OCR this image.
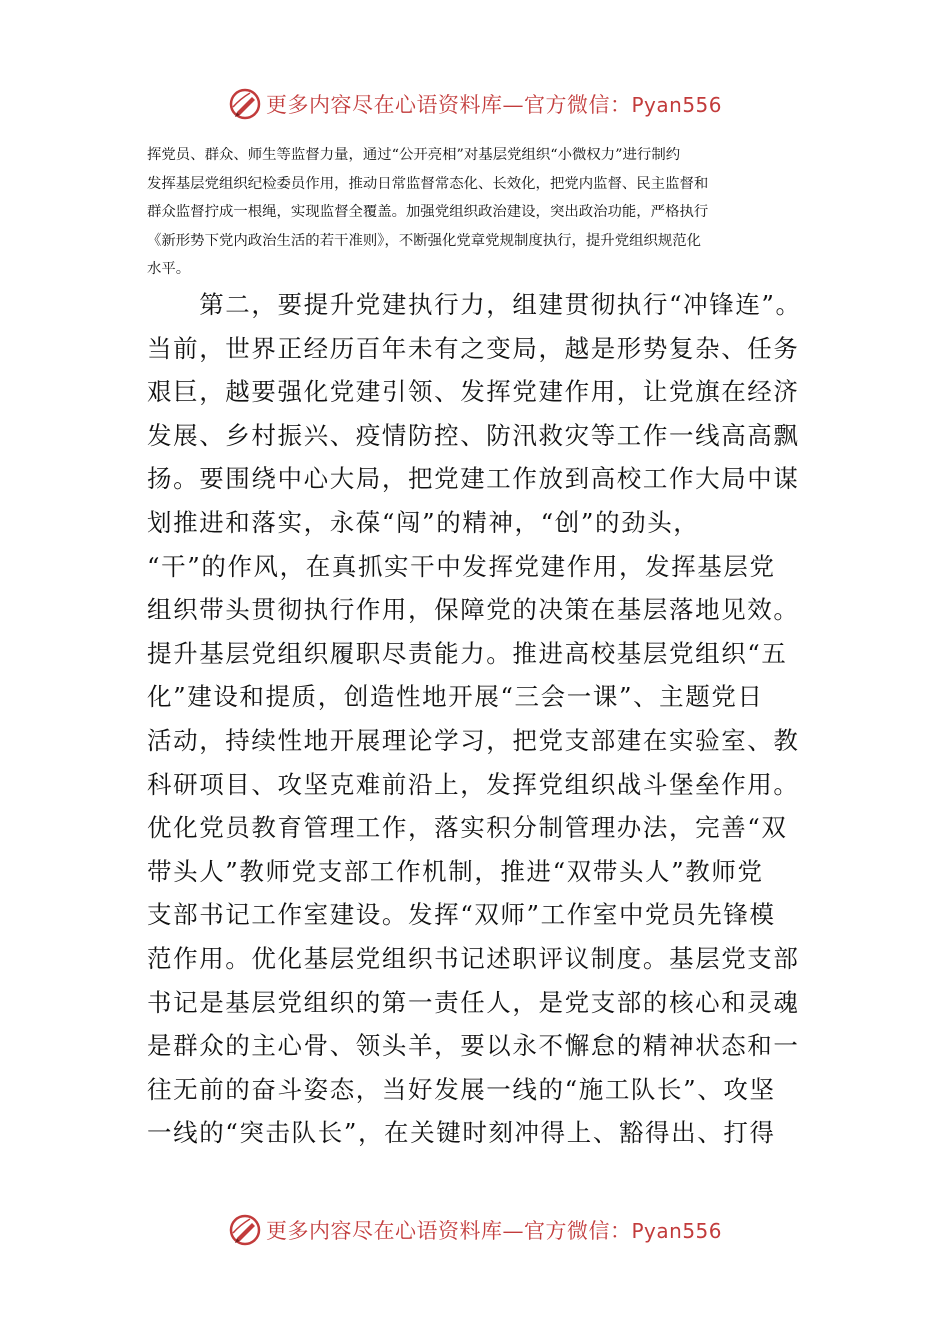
更多内容尽在心语资料库—官方微信：Pyan556
挥党员、群众、师生等监督力量，通过“公开亮相”对基层党组织“小微权力”进行制约
发挥基层党组织纪检委员作用，推动日常监督常态化、长效化，把党内监督、民主监督和
群众监督拧成一根绳，实现监督全覆盖。加强党组织政治建设，突出政治功能，严格执行
《新形势下党内政治生活的若干准则》，不断强化党章党规制度执行，提升党组织规范化
水平。
　　第二，要提升党建执行力，组建贯彻执行“冲锋连”。
当前，世界正经历百年未有之变局，越是形势复杂、任务
艰巨，越要强化党建引领、发挥党建作用，让党旗在经济
发展、乡村振兴、疫情防控、防汛救灾等工作一线高高飘
扬。要围绕中心大局，把党建工作放到高校工作大局中谋
划推进和落实，永葆“闯”的精神，“创”的劲头，
“干”的作风，在真抓实干中发挥党建作用，发挥基层党
组织带头贯彻执行作用，保障党的决策在基层落地见效。
提升基层党组织履职尽责能力。推进高校基层党组织“五
化”建设和提质，创造性地开展“三会一课”、主题党日
活动，持续性地开展理论学习，把党支部建在实验室、教
科研项目、攻坚克难前沿上，发挥党组织战斗堡垒作用。
优化党员教育管理工作，落实积分制管理办法，完善“双
带头人”教师党支部工作机制，推进“双带头人”教师党
支部书记工作室建设。发挥“双师”工作室中党员先锋模
范作用。优化基层党组织书记述职评议制度。基层党支部
书记是基层党组织的第一责任人，是党支部的核心和灵魂
是群众的主心骨、领头羊，要以永不懈怠的精神状态和一
往无前的奋斗姿态，当好发展一线的“施工队长”、攻坚
一线的“突击队长”，在关键时刻冲得上、豁得出、打得
更多内容尽在心语资料库—官方微信：Pyan556
